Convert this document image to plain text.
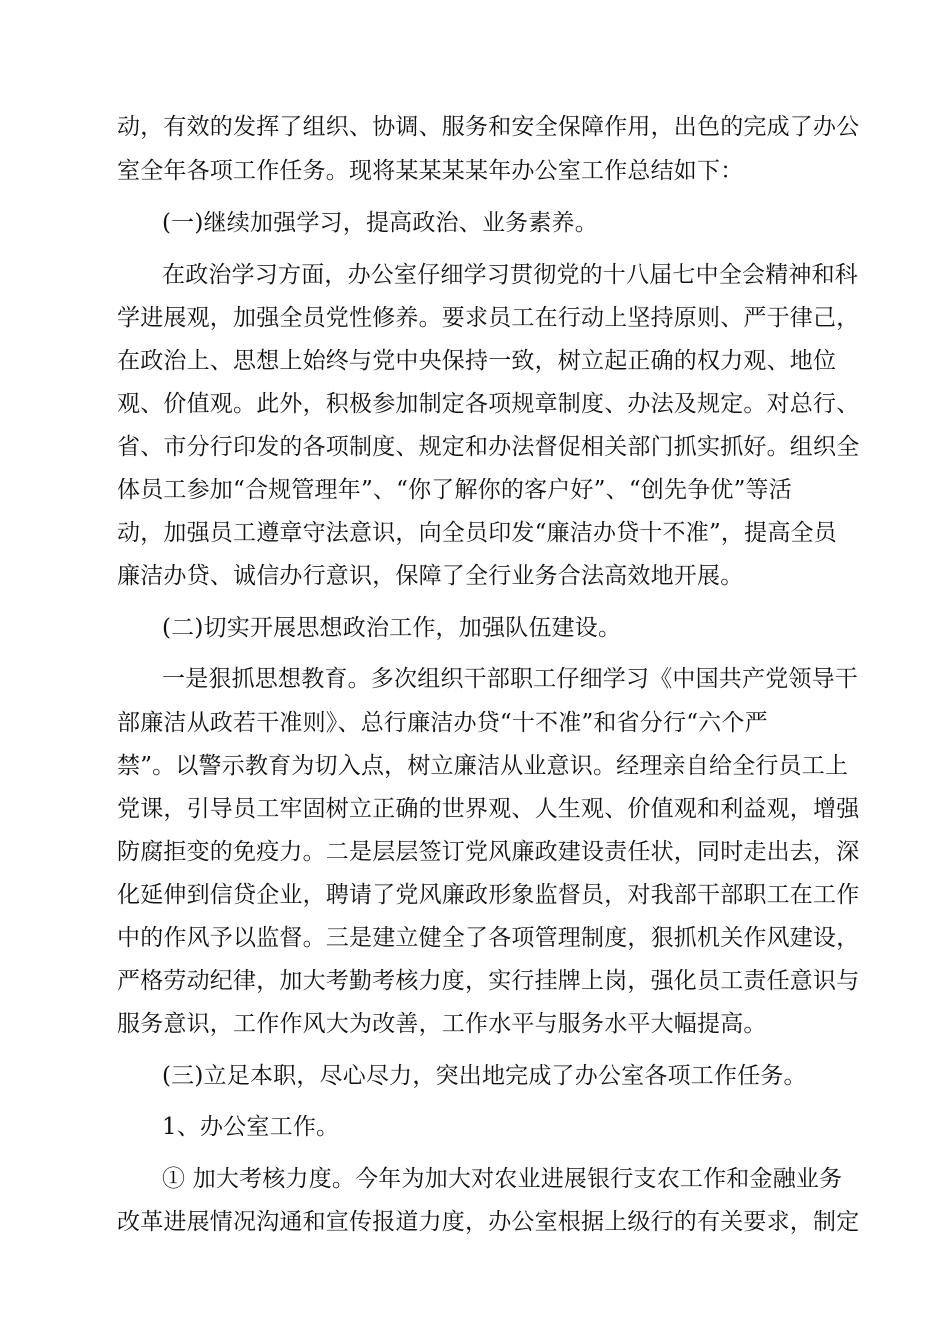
动，有效的发挥了组织、协调、服务和安全保障作用，出色的完成了办公
室全年各项工作任务。现将某某某某年办公室工作总结如下：
(一)继续加强学习，提高政治、业务素养。
在政治学习方面，办公室仔细学习贯彻党的十八届七中全会精神和科
学进展观，加强全员党性修养。要求员工在行动上坚持原则、严于律己，
在政治上、思想上始终与党中央保持一致，树立起正确的权力观、地位
观、价值观。此外，积极参加制定各项规章制度、办法及规定。对总行、
省、市分行印发的各项制度、规定和办法督促相关部门抓实抓好。组织全
体员工参加“合规管理年”、“你了解你的客户好”、“创先争优”等活
动，加强员工遵章守法意识，向全员印发“廉洁办贷十不准”，提高全员
廉洁办贷、诚信办行意识，保障了全行业务合法高效地开展。
(二)切实开展思想政治工作，加强队伍建设。
一是狠抓思想教育。多次组织干部职工仔细学习《中国共产党领导干
部廉洁从政若干准则》、总行廉洁办贷“十不准”和省分行“六个严
禁”。以警示教育为切入点，树立廉洁从业意识。经理亲自给全行员工上
党课，引导员工牢固树立正确的世界观、人生观、价值观和利益观，增强
防腐拒变的免疫力。二是层层签订党风廉政建设责任状，同时走出去，深
化延伸到信贷企业，聘请了党风廉政形象监督员，对我部干部职工在工作
中的作风予以监督。三是建立健全了各项管理制度，狠抓机关作风建设，
严格劳动纪律，加大考勤考核力度，实行挂牌上岗，强化员工责任意识与
服务意识，工作作风大为改善，工作水平与服务水平大幅提高。
(三)立足本职，尽心尽力，突出地完成了办公室各项工作任务。
1、办公室工作。
① 加大考核力度。今年为加大对农业进展银行支农工作和金融业务
改革进展情况沟通和宣传报道力度，办公室根据上级行的有关要求，制定
